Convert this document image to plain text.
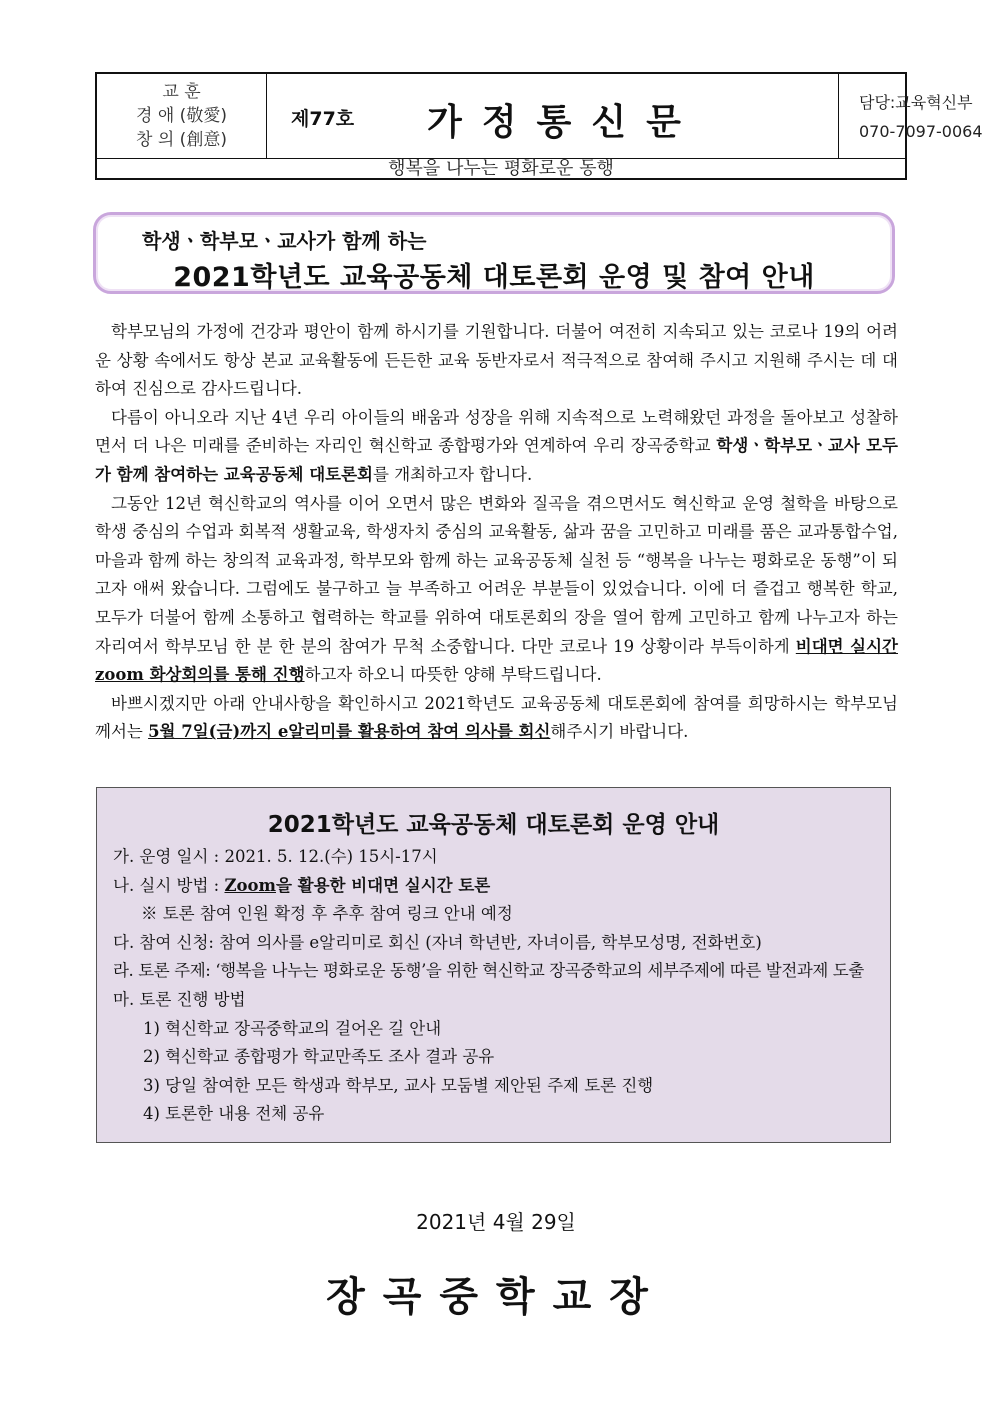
교 훈
경 애 (敬愛)
창 의 (創意)
제77호 가정통신문	담당:교육혁신부
070-7097-0064
행복을 나누는 평화로운 동행
학생ㆍ학부모ㆍ교사가 함께 하는
2021학년도 교육공동체 대토론회 운영 및 참여 안내

학부모님의 가정에 건강과 평안이 함께 하시기를 기원합니다. 더불어 여전히 지속되고 있는 코로나 19의 어려운 상황 속에서도 항상 본교 교육활동에 든든한 교육 동반자로서 적극적으로 참여해 주시고 지원해 주시는 데 대하여 진심으로 감사드립니다.

다름이 아니오라 지난 4년 우리 아이들의 배움과 성장을 위해 지속적으로 노력해왔던 과정을 돌아보고 성찰하면서 더 나은 미래를 준비하는 자리인 혁신학교 종합평가와 연계하여 우리 장곡중학교 학생ㆍ학부모ㆍ교사 모두가 함께 참여하는 교육공동체 대토론회를 개최하고자 합니다.

그동안 12년 혁신학교의 역사를 이어 오면서 많은 변화와 질곡을 겪으면서도 혁신학교 운영 철학을 바탕으로 학생 중심의 수업과 회복적 생활교육, 학생자치 중심의 교육활동, 삶과 꿈을 고민하고 미래를 품은 교과통합수업, 마을과 함께 하는 창의적 교육과정, 학부모와 함께 하는 교육공동체 실천 등 “행복을 나누는 평화로운 동행”이 되고자 애써 왔습니다. 그럼에도 불구하고 늘 부족하고 어려운 부분들이 있었습니다. 이에 더 즐겁고 행복한 학교, 모두가 더불어 함께 소통하고 협력하는 학교를 위하여 대토론회의 장을 열어 함께 고민하고 함께 나누고자 하는 자리여서 학부모님 한 분 한 분의 참여가 무척 소중합니다. 다만 코로나 19 상황이라 부득이하게 비대면 실시간 zoom 화상회의를 통해 진행하고자 하오니 따뜻한 양해 부탁드립니다.

바쁘시겠지만 아래 안내사항을 확인하시고 2021학년도 교육공동체 대토론회에 참여를 희망하시는 학부모님께서는 5월 7일(금)까지 e알리미를 활용하여 참여 의사를 회신해주시기 바랍니다.

2021학년도 교육공동체 대토론회 운영 안내
가. 운영 일시 : 2021. 5. 12.(수) 15시-17시
나. 실시 방법 : Zoom을 활용한 비대면 실시간 토론
※ 토론 참여 인원 확정 후 추후 참여 링크 안내 예정
다. 참여 신청: 참여 의사를 e알리미로 회신 (자녀 학년반, 자녀이름, 학부모성명, 전화번호)
라. 토론 주제: ‘행복을 나누는 평화로운 동행’을 위한 혁신학교 장곡중학교의 세부주제에 따른 발전과제 도출
마. 토론 진행 방법
1) 혁신학교 장곡중학교의 걸어온 길 안내
2) 혁신학교 종합평가 학교만족도 조사 결과 공유
3) 당일 참여한 모든 학생과 학부모, 교사 모둠별 제안된 주제 토론 진행
4) 토론한 내용 전체 공유
2021년 4월 29일
장곡중학교장
